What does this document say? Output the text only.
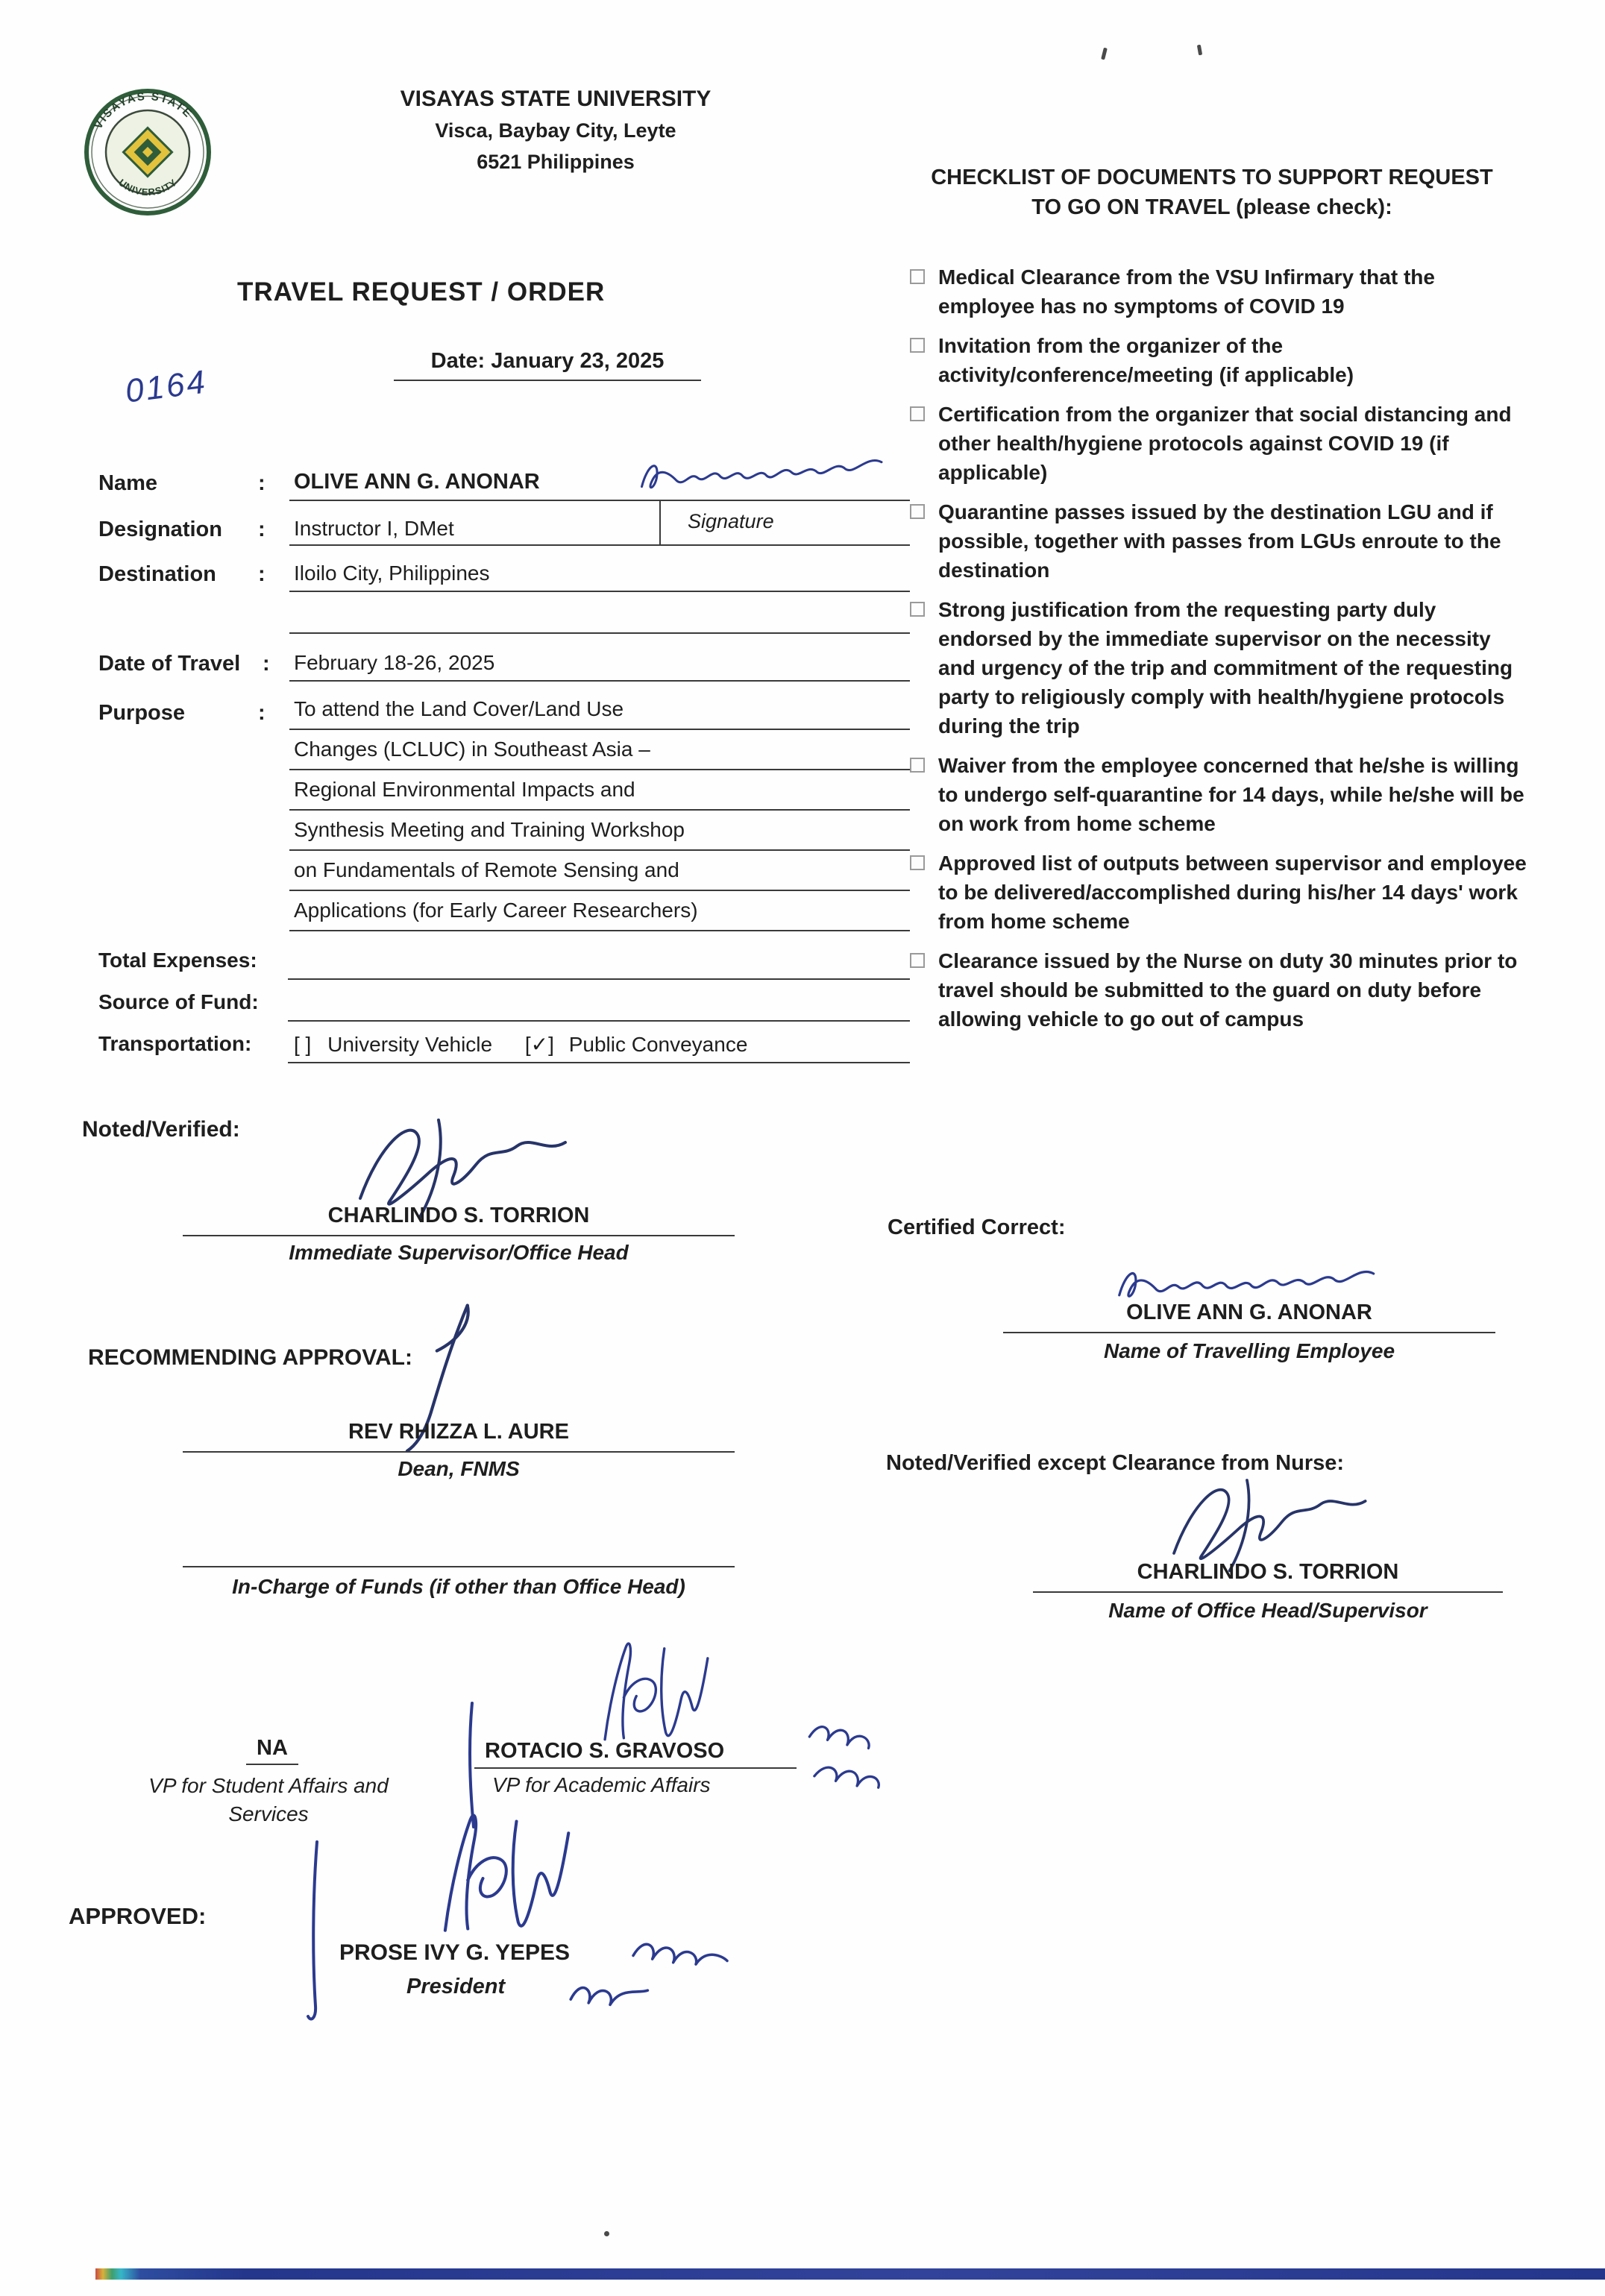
VISAYAS STATE
UNIVERSITY
VISAYAS STATE UNIVERSITY
Visca, Baybay City, Leyte
6521 Philippines
CHECKLIST OF DOCUMENTS TO SUPPORT REQUEST
TO GO ON TRAVEL (please check):
TRAVEL REQUEST / ORDER
Date: January 23, 2025
0164
Name	: OLIVE ANN G. ANONAR
Signature
Designation : Instructor I, DMet
Destination : Iloilo City, Philippines
Date of Travel : February 18-26, 2025
Purpose	: To attend the Land Cover/Land Use
Changes (LCLUC) in Southeast Asia –
Regional Environmental Impacts and
Synthesis Meeting and Training Workshop
on Fundamentals of Remote Sensing and
Applications (for Early Career Researchers)
Total Expenses:
Source of Fund:
Transportation: [ ] University Vehicle [✓] Public Conveyance
Noted/Verified:
CHARLINDO S. TORRION
Immediate Supervisor/Office Head
RECOMMENDING APPROVAL:
REV RHIZZA L. AURE
Dean, FNMS
In-Charge of Funds (if other than Office Head)
NA
VP for Student Affairs and
Services
ROTACIO S. GRAVOSO
VP for Academic Affairs
APPROVED:
PROSE IVY G. YEPES
President
Medical Clearance from the VSU Infirmary that the employee has no symptoms of COVID 19
Invitation from the organizer of the activity/conference/meeting (if applicable)
Certification from the organizer that social distancing and other health/hygiene protocols against COVID 19 (if applicable)
Quarantine passes issued by the destination LGU and if possible, together with passes from LGUs enroute to the destination
Strong justification from the requesting party duly endorsed by the immediate supervisor on the necessity and urgency of the trip and commitment of the requesting party to religiously comply with health/hygiene protocols during the trip
Waiver from the employee concerned that he/she is willing to undergo self-quarantine for 14 days, while he/she will be on work from home scheme
Approved list of outputs between supervisor and employee to be delivered/accomplished during his/her 14 days' work from home scheme
Clearance issued by the Nurse on duty 30 minutes prior to travel should be submitted to the guard on duty before allowing vehicle to go out of campus
Certified Correct:
OLIVE ANN G. ANONAR
Name of Travelling Employee
Noted/Verified except Clearance from Nurse:
CHARLINDO S. TORRION
Name of Office Head/Supervisor
